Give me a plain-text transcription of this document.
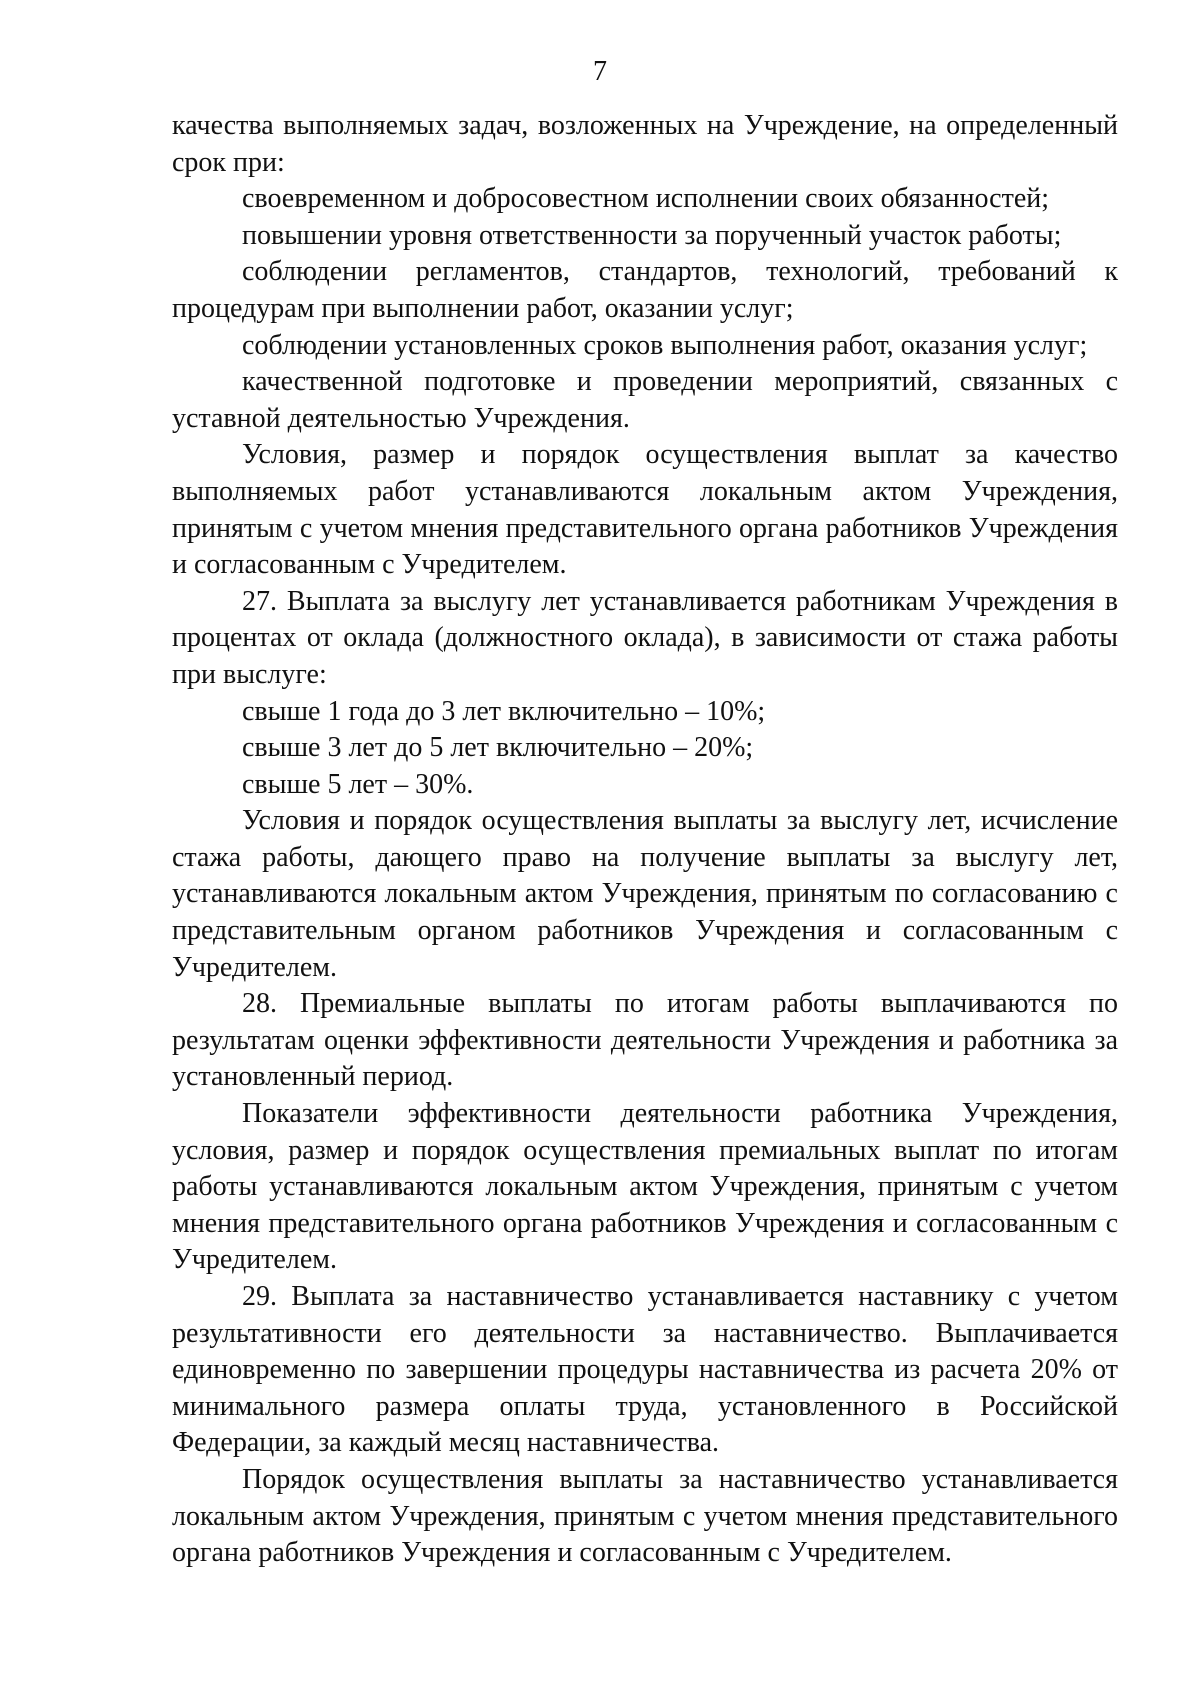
7

качества выполняемых задач, возложенных на Учреждение, на определенный срок при:

своевременном и добросовестном исполнении своих обязанностей;

повышении уровня ответственности за порученный участок работы;

соблюдении регламентов, стандартов, технологий, требований к процедурам при выполнении работ, оказании услуг;

соблюдении установленных сроков выполнения работ, оказания услуг;

качественной подготовке и проведении мероприятий, связанных с уставной деятельностью Учреждения.

Условия, размер и порядок осуществления выплат за качество выполняемых работ устанавливаются локальным актом Учреждения, принятым с учетом мнения представительного органа работников Учреждения и согласованным с Учредителем.

27. Выплата за выслугу лет устанавливается работникам Учреждения в процентах от оклада (должностного оклада), в зависимости от стажа работы при выслуге:

свыше 1 года до 3 лет включительно – 10%;

свыше 3 лет до 5 лет включительно – 20%;

свыше 5 лет – 30%.

Условия и порядок осуществления выплаты за выслугу лет, исчисление стажа работы, дающего право на получение выплаты за выслугу лет, устанавливаются локальным актом Учреждения, принятым по согласованию с представительным органом работников Учреждения и согласованным с Учредителем.

28. Премиальные выплаты по итогам работы выплачиваются по результатам оценки эффективности деятельности Учреждения и работника за установленный период.

Показатели эффективности деятельности работника Учреждения, условия, размер и порядок осуществления премиальных выплат по итогам работы устанавливаются локальным актом Учреждения, принятым с учетом мнения представительного органа работников Учреждения и согласованным с Учредителем.

29. Выплата за наставничество устанавливается наставнику с учетом результативности его деятельности за наставничество. Выплачивается единовременно по завершении процедуры наставничества из расчета 20% от минимального размера оплаты труда, установленного в Российской Федерации, за каждый месяц наставничества.

Порядок осуществления выплаты за наставничество устанавливается локальным актом Учреждения, принятым с учетом мнения представительного органа работников Учреждения и согласованным с Учредителем.
